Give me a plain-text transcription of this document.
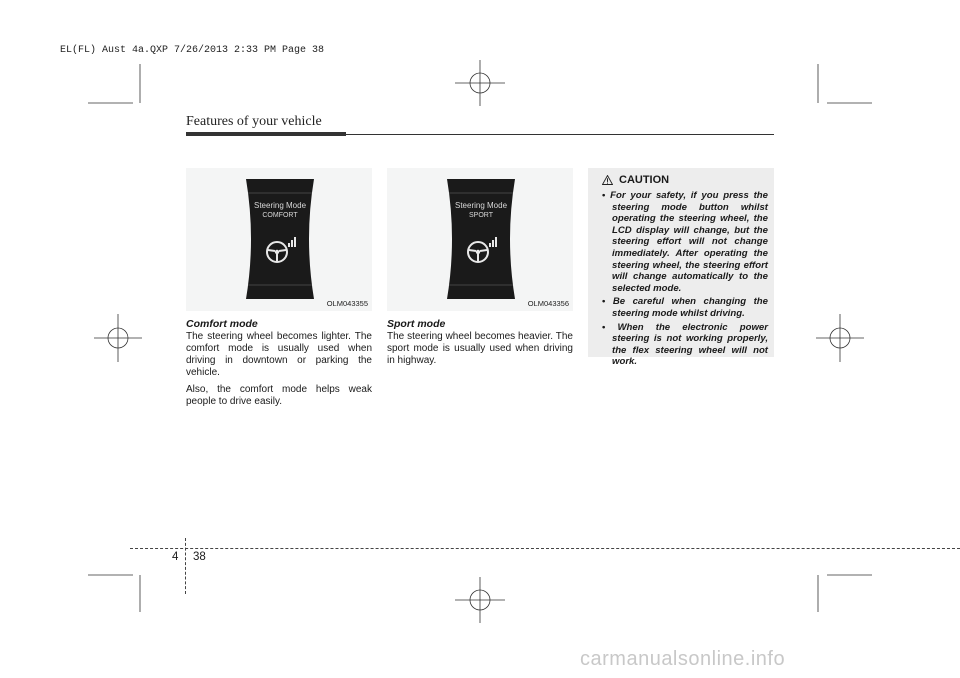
EL(FL) Aust 4a.QXP 7/26/2013 2:33 PM Page 38
Features of your vehicle
Steering Mode
COMFORT
OLM043355
Steering Mode
SPORT
OLM043356
Comfort mode

The steering wheel becomes lighter. The comfort mode is usually used when driving in downtown or parking the vehicle.

Also, the comfort mode helps weak people to drive easily.

Sport mode

The steering wheel becomes heavier. The sport mode is usually used when driving in highway.

CAUTION
• For your safety, if you press the steering mode button whilst operating the steering wheel, the LCD display will change, but the steering effort will not change immediately. After operating the steering wheel, the steering effort will change automatically to the selected mode.
• Be careful when changing the steering mode whilst driving.
• When the electronic power steering is not working properly, the flex steering wheel will not work.
4 38
carmanualsonline.info
